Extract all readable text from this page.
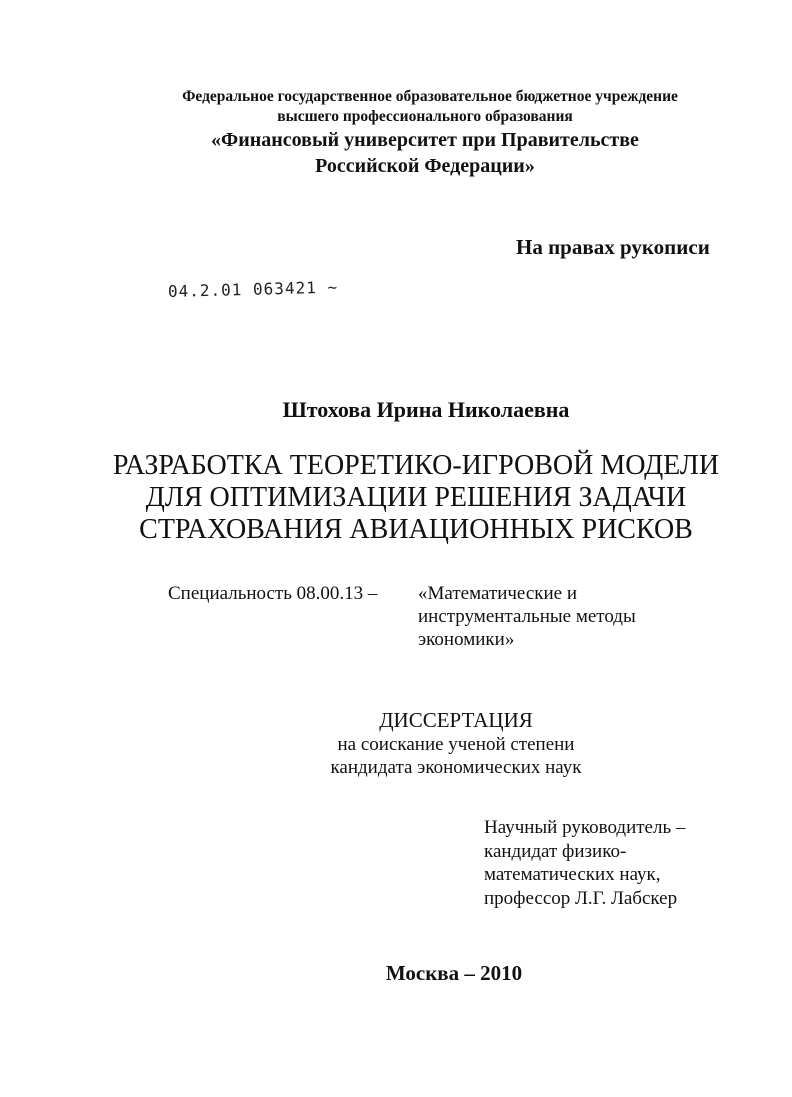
Федеральное государственное образовательное бюджетное учреждение
высшего профессионального образования
«Финансовый университет при Правительстве
Российской Федерации»
На правах рукописи
04.2.01 063421 ~
Штохова Ирина Николаевна
РАЗРАБОТКА ТЕОРЕТИКО-ИГРОВОЙ МОДЕЛИ
ДЛЯ ОПТИМИЗАЦИИ РЕШЕНИЯ ЗАДАЧИ
СТРАХОВАНИЯ АВИАЦИОННЫХ РИСКОВ
Специальность 08.00.13 – «Математические и
инструментальные методы
экономики»
ДИССЕРТАЦИЯ
на соискание ученой степени
кандидата экономических наук
Научный руководитель –
кандидат физико-
математических наук,
профессор Л.Г. Лабскер
Москва – 2010
